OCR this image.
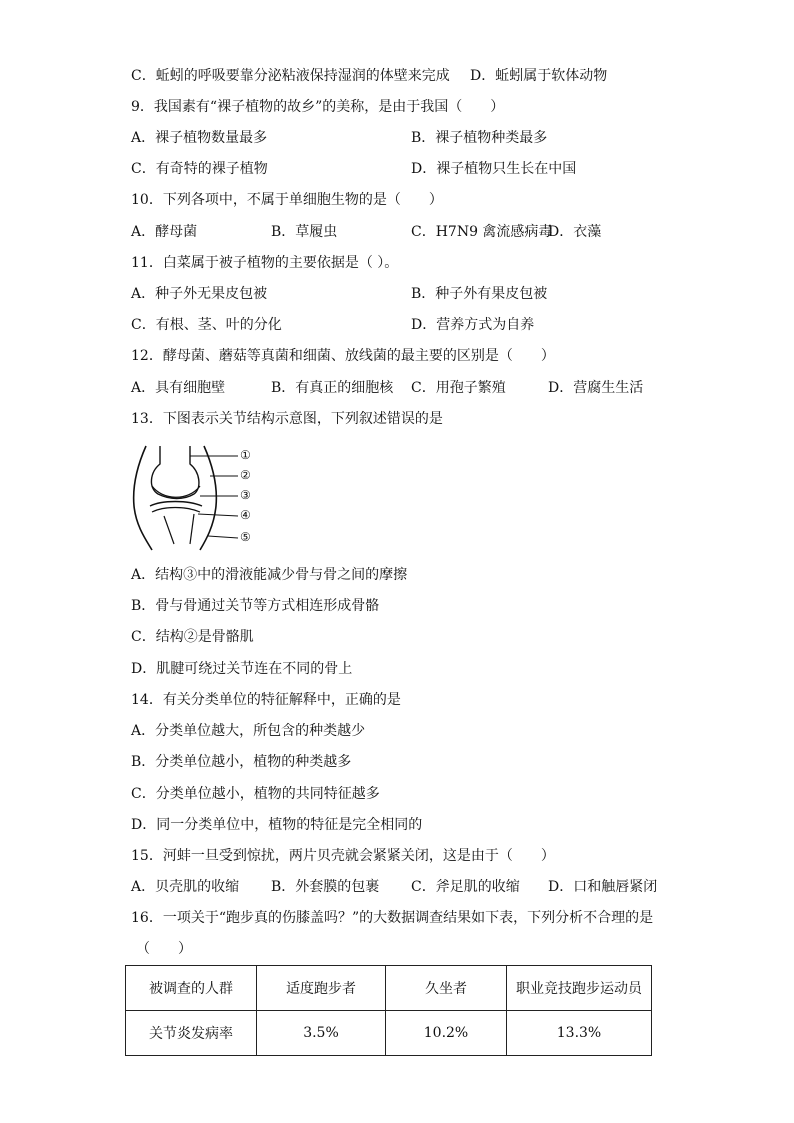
C．蚯蚓的呼吸要靠分泌粘液保持湿润的体壁来完成 D．蚯蚓属于软体动物
9．我国素有“裸子植物的故乡”的美称，是由于我国（　　）
A．裸子植物数量最多	B．裸子植物种类最多
C．有奇特的裸子植物	D．裸子植物只生长在中国
10．下列各项中，不属于单细胞生物的是（　　）
A．酵母菌	B．草履虫	C．H7N9 禽流感病毒
D．衣藻
11．白菜属于被子植物的主要依据是（ ）。
A．种子外无果皮包被	B．种子外有果皮包被
C．有根、茎、叶的分化	D．营养方式为自养
12．酵母菌、蘑菇等真菌和细菌、放线菌的最主要的区别是（　　）
A．具有细胞壁	B．有真正的细胞核 C．用孢子繁殖	D．营腐生生活
13．下图表示关节结构示意图，下列叙述错误的是
①
②
③
④
⑤
A．结构③中的滑液能减少骨与骨之间的摩擦
B．骨与骨通过关节等方式相连形成骨骼
C．结构②是骨骼肌
D．肌腱可绕过关节连在不同的骨上
14．有关分类单位的特征解释中，正确的是
A．分类单位越大，所包含的种类越少
B．分类单位越小，植物的种类越多
C．分类单位越小，植物的共同特征越多
D．同一分类单位中，植物的特征是完全相同的
15．河蚌一旦受到惊扰，两片贝壳就会紧紧关闭，这是由于（　　）
A．贝壳肌的收缩 B．外套膜的包裹 C．斧足肌的收缩 D．口和触唇紧闭
16．一项关于“跑步真的伤膝盖吗？”的大数据调查结果如下表，下列分析不合理的是
（　　）
被调查的人群	适度跑步者	久坐者	职业竞技跑步运动员
关节炎发病率	3.5%	10.2%	13.3%
